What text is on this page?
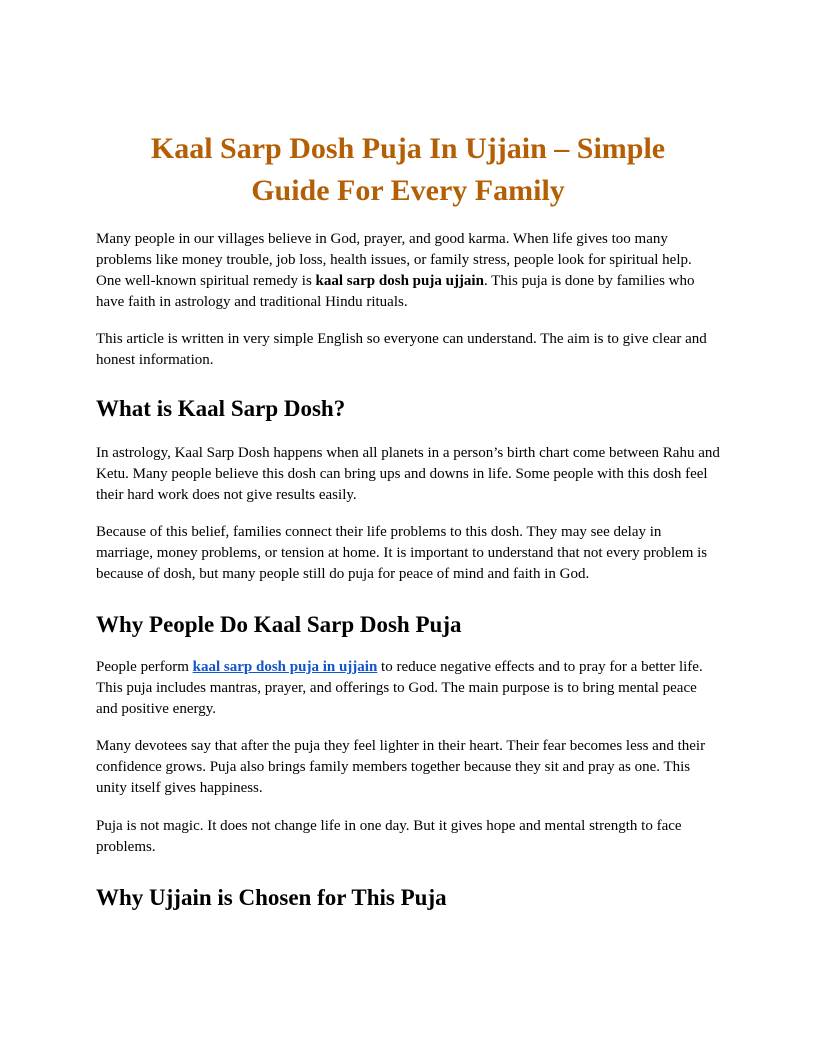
Kaal Sarp Dosh Puja In Ujjain – Simple
Guide For Every Family

Many people in our villages believe in God, prayer, and good karma. When life gives too many problems like money trouble, job loss, health issues, or family stress, people look for spiritual help. One well-known spiritual remedy is kaal sarp dosh puja ujjain. This puja is done by families who have faith in astrology and traditional Hindu rituals.

This article is written in very simple English so everyone can understand. The aim is to give clear and honest information.

What is Kaal Sarp Dosh?

In astrology, Kaal Sarp Dosh happens when all planets in a person’s birth chart come between Rahu and Ketu. Many people believe this dosh can bring ups and downs in life. Some people with this dosh feel their hard work does not give results easily.

Because of this belief, families connect their life problems to this dosh. They may see delay in marriage, money problems, or tension at home. It is important to understand that not every problem is because of dosh, but many people still do puja for peace of mind and faith in God.

Why People Do Kaal Sarp Dosh Puja

People perform kaal sarp dosh puja in ujjain to reduce negative effects and to pray for a better life. This puja includes mantras, prayer, and offerings to God. The main purpose is to bring mental peace and positive energy.

Many devotees say that after the puja they feel lighter in their heart. Their fear becomes less and their confidence grows. Puja also brings family members together because they sit and pray as one. This unity itself gives happiness.

Puja is not magic. It does not change life in one day. But it gives hope and mental strength to face problems.

Why Ujjain is Chosen for This Puja
